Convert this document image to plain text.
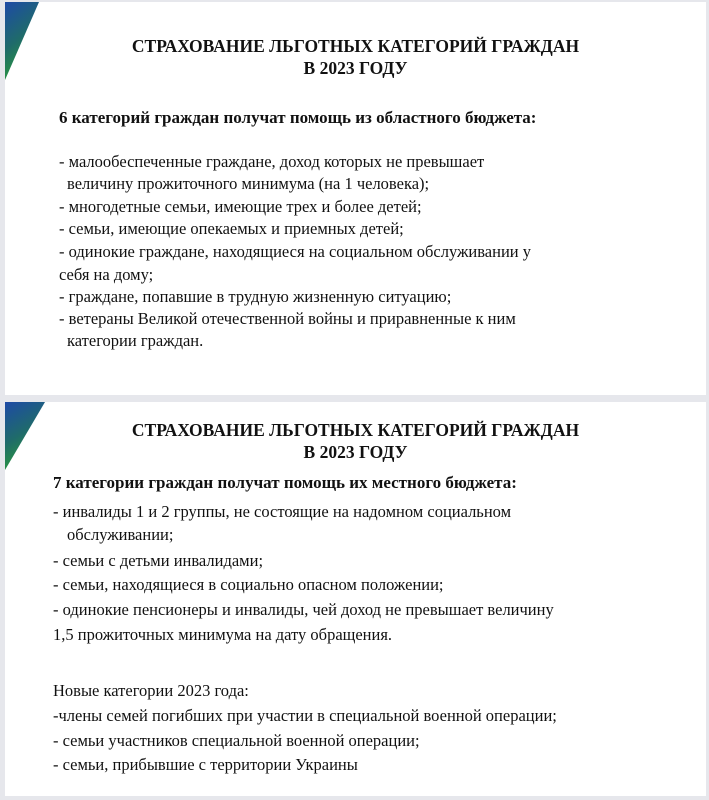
СТРАХОВАНИЕ ЛЬГОТНЫХ КАТЕГОРИЙ ГРАЖДАН
В 2023 ГОДУ

6 категорий граждан получат помощь из областного бюджета:

- малообеспеченные граждане, доход которых не превышает

величину прожиточного минимума (на 1 человека);

- многодетные семьи, имеющие трех и более детей;

- семьи, имеющие опекаемых и приемных детей;

- одинокие граждане, находящиеся на социальном обслуживании у

себя на дому;

- граждане, попавшие в трудную жизненную ситуацию;

- ветераны Великой отечественной войны и приравненные к ним

категории граждан.

СТРАХОВАНИЕ ЛЬГОТНЫХ КАТЕГОРИЙ ГРАЖДАН
В 2023 ГОДУ

7 категории граждан получат помощь их местного бюджета:

- инвалиды 1 и 2 группы, не состоящие на надомном социальном

обслуживании;

- семьи с детьми инвалидами;

- семьи, находящиеся в социально опасном положении;

- одинокие пенсионеры и инвалиды, чей доход не превышает величину

1,5 прожиточных минимума на дату обращения.

Новые категории 2023 года:

-члены семей погибших при участии в специальной военной операции;

- семьи участников специальной военной операции;

- семьи, прибывшие с территории Украины
